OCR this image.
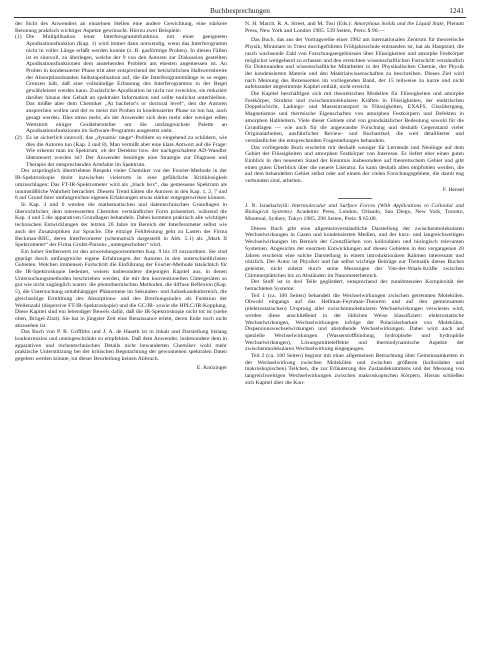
Buchbesprechungen	1241

der Sicht des Anwenders an einzelnen Stellen eine andere Gewichtung, eine stärkere Betonung praktisch wichtiger Aspekte gewünscht. Hierzu zwei Beispiele:

(1) Die Multiplikation einer Interferogrammfunktion mit einer geeigneten Apodisationsfunktion (Kap. 1) wird immer dann notwendig, wenn das Interferogramm nicht in voller Länge erfaßt werden konnte (z. B. gasförmige Proben). In diesen Fällen ist es sinnvoll, zu überlegen, welche der 9 von den Autoren zur Diskussion gestellten Apodisationsfunktionen dem anstehenden Problem am ehesten angemessen ist. An Proben in kondensierter Phase tritt aber entsprechend der beträchtlichen Halbwertsbreite der Absorptionsbanden Selbstapodisation auf, die die Interferogrammlänge in so engen Grenzen hält, daß eine vollständige Erfassung des Interferogramms in der Regel gewährleistet werden kann. Zusätzliche Apodisation ist nicht nur zwecklos, sie reduziert darüber hinaus den Gehalt an spektraler Information und sollte tunlichst unterbleiben. Das müßte aber dem Chemiker „At bachelor's or doctoral level“, den die Autoren ansprechen wollen und der es meist mit Proben in kondensierter Phase zu tun hat, auch gesagt werden. Dies umso mehr, als der Anwender sich dem mehr oder weniger edlen Wettstreit einiger Gerätehersteller um die umfangreichste Palette an Apodisationsfunktionen im Software-Programm ausgesetzt sieht.
(2) Es ist sicherlich sinnvoll, das „dynamic range“-Problem so eingehend zu schildern, wie dies die Autoren tun (Kap. 2 und 8). Man vermißt aber eine klare Antwort auf die Frage: Wie erkennt man im Spektrum, ob der Detektor bzw. der nachgeschaltete AD-Wandler übersteuert worden ist? Der Anwender benötigte eine Strategie zur Diagnose und Therapie der entsprechenden Artefakte im Spektrum.

Der ursprünglich übertriebene Respekt vieler Chemiker vor der Fourier-Methode in der IR-Spektroskopie droht inzwischen vielerorts in eine gefährliche Kritiklosigkeit umzuschlagen: Das FT-IR-Spektrometer wird als „black box“, das gemessene Spektrum als unumstößliche Wahrheit betrachtet. Diesem Trend hätten die Autoren in den Kap. 1, 2, 7 und 8 auf Grund ihrer umfangreichen eigenen Erfahrungen etwas stärker entgegenwirken können.

In Kap. 3 und 6 werden die mathematischen und datentechnischen Grundlagen in übersichtlicher, dem interessierten Chemiker verständlicher Form präsentiert, während die Kap. 4 und 5 die apparativen Grundlagen behandeln. Dabei kommen praktisch alle wichtigen technischen Entwicklungen der letzten 20 Jahre im Bereich der Interferometer selbst wie auch der Zusatzoptiken zur Sprache. Die einzige Fehlleistung geht zu Lasten der Firma Beckman-RIIC, deren Interferometer (schematisch dargestellt in Abb. 5.1) als „Mark II Spektrometer“ der Firma Grubb-Parsons „untergeschoben“ wird.

Ein hoher Stellenwert ist den anwendungsorientierten Kap. 9 bis 19 zuzuordnen. Sie sind geprägt durch umfangreiche eigene Erfahrungen der Autoren in den unterschiedlichsten Gebieten. Welchen immensen Fortschritt die Einführung der Fourier-Methode tatsächlich für die IR-Spektroskopie bedeutet, weisen insbesondere diejenigen Kapitel aus, in denen Untersuchungsmethoden beschrieben werden, die mit den konventionellen Gittergeräten so gut wie nicht zugänglich waren: die photothermischen Methoden, die diffuse Reflexion (Kap. 5), die Untersuchung zeitabhängiger Phänomene im Sekunden- und Subsekundenbereich, die gleichzeitige Ermittlung des Absorptions- und des Brechungsindex als Funktion der Wellenzahl (dispersive FT-IR-Spektroskopie) und die GC/IR- sowie die HPLC/IR-Kopplung. Diese Kapitel sind ein lebendiger Beweis dafür, daß die IR-Spektroskopie nicht tot ist (siehe oben, Brügel-Zitat). Sie hat in jüngster Zeit eine Renaissance erlebt, deren Ende noch nicht abzusehen ist.

Das Buch von P. R. Griffiths und J. A. de Haseth ist in Inhalt und Darstellung bislang konkurrenzlos und uneingeschränkt zu empfehlen. Daß dem Anwender, insbesondere dem in apparativen und rechentechnischen Details nicht bewanderten Chemiker wohl mehr praktische Unterstützung bei der kritischen Begutachtung der gewonnenen spektralen Daten gegeben werden könnte, tut dieser Beurteilung keinen Abbruch.

E. Knözinger

N. H. March, R. A. Street, and M. Tosi (Eds.): Amorphous Solids and the Liquid State, Plenum Press, New York and London 1985. 539 Seiten, Preis: $ 90.—

Das Buch, das aus der Vortragsreihe einer 1982 am internationalen Zentrum für theoretische Physik, Miramare in Triest durchgeführten Frühjahrsschule entstanden ist, hat als Hauptziel, die rasch wachsende Zahl von Forschungsergebnissen über Flüssigkeiten und amorphe Festkörper möglichst weitgehend zu erfassen und den erreichten wissenschaftlichen Fortschritt verständlich für Doktoranden und wissenschaftliche Mitarbeiter in der Physikalischen Chemie, der Physik der kondensierten Materie und den Materialwissenschaften zu beschreiben. Dieses Ziel wird nach Meinung des Rezensenten im vorliegenden Band, der 15 teilweise zu kurze und nicht aufeinander abgestimmte Kapitel enthält, nicht erreicht.

Die Kapitel beschäftigen sich mit theoretischen Modellen für Flüssigkeiten und amorphe Festkörper, Struktur und zwischenmolekularen Kräften in Flüssigkeiten, der elektrischen Doppelschicht, Ladungs- und Massentransport in Flüssigkeiten, EXAFS, Glasübergang, Magnetismus und thermische Eigenschaften von amorphen Festkörpern und Defekten in amorphen Halbleitern. Viele dieser Gebiete sind von grundsätzlicher Bedeutung sowohl für die Grundlagen — wie auch für die angewandte Forschung und deshalb Gegenstand vieler Originalarbeiten, ausführlicher Review- und Buchartikel, die weit detaillierter und verständlicher die entsprechenden Fragestellungen behandeln.

Das vorliegende Buch erscheint mir deshalb weniger für Lernende und Neulinge auf dem Gebiet der Flüssigkeiten und amorphen Festkörper von Interesse. Es liefert eher einen guten Einblick in den neuesten Stand der Kenntnis insbesondere auf theoretischem Gebiet und gibt einen guten Überblick über die neuere Literatur. Es kann deshalb allen empfohlen werden, die auf dem behandelten Gebiet selbst oder auf einem der vielen Forschungsgebiete, die damit eng verbunden sind, arbeiten.

F. Hensel

J. N. Israelachvili: Intermolecular and Surface Forces (With Applications to Colloidal and Biological Systems). Academic Press, London, Orlando, San Diego, New York, Toronto, Montreal, Sydney, Tokyo 1985, 296 Seiten, Preis: $ 65.00.

Dieses Buch gibt eine allgemeinverständliche Darstellung der zwischenmolekularen Wechselwirkungen in Gasen und kondensierten Medien, und der kurz- und langreichweitigen Wechselwirkungen im Bereich der Grenzflächen von kolloidalen und biologisch relevanten Systemen. Angesichts der enormen Entwicklungen auf diesen Gebieten in den vergangenen 20 Jahren erscheint eine solche Darstellung in einem introduktionären Rahmen interessant und nützlich. Der Autor ist Physiker und hat selbst wichtige Beiträge zur Thematik dieses Buches geleistet, nicht zuletzt durch seine Messungen der Van-der-Waals-Kräfte zwischen Glimmerplättchen bis zu Abständen im Nanometerbereich.

Der Stoff ist in drei Teile gegliedert, entsprechend der zunehmenden Komplexität der betrachteten Systeme:

Teil 1 (ca. 100 Seiten) behandelt die Wechselwirkungen zwischen getrennten Molekülen. Obwohl eingangs auf das Hellman-Feynman-Theorem und auf den gemeinsamen (elektrostatischen) Ursprung aller zwischenmolekularen Wechselwirkungen verwiesen wird, werden diese anschließend in der üblichen Weise klassifiziert: elektrostatische Wechselwirkungen, Wechselwirkungen infolge der Polarisierbarkeit von Molekülen, Dispersionswechselwirkungen und abstoßende Wechselwirkungen. Dabei wird auch auf spezielle Wechselwirkungen (Wasserstoffbindung, hydrophobe und hydrophile Wechselwirkungen), Lösungsmitteleffekte und thermodynamische Aspekte der zwischenmolekularen Wechselwirkung eingegangen.

Teil 2 (ca. 100 Seiten) beginnt mit einer allgemeinen Betrachtung über Gemeinsamkeiten in der Wechselwirkung zwischen Molekülen und zwischen größeren (kolloidalen und makroskopischen) Teilchen, die zur Erläuterung des Zustandekommens und der Messung von langreichweitigen Wechselwirkungen zwischen makroskopischen Körpern. Hieran schließen sich Kapitel über die Kon-
